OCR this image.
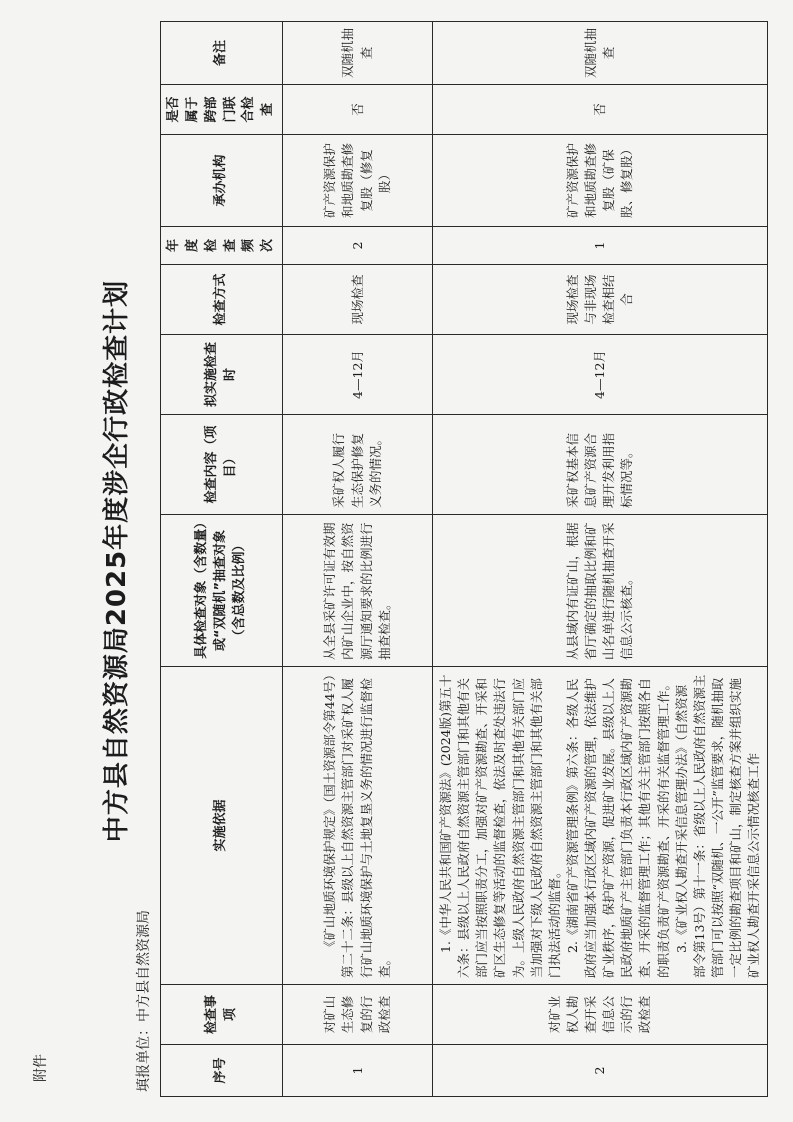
附件
中方县自然资源局2025年度涉企行政检查计划
填报单位：中方县自然资源局	序号	检查事项	实施依据	具体检查对象（含数量）或“双随机”抽查对象（含总数及比例）	检查内容（项目）	拟实施检查时	检查方式	年度检查频次	承办机构	是否属于跨部门联合检查	备注
1	对矿山生态修复的行政检查	《矿山地质环境保护规定》（国土资源部令第44号）第二十二条：县级以上自然资源主管部门对采矿权人履行矿山地质环境保护与土地复垦义务的情况进行监督检查。	从全县采矿许可证有效期内矿山企业中，按自然资源厅通知要求的比例进行抽查检查。	采矿权人履行生态保护修复义务的情况。	4—12月	现场检查	2	矿产资源保护和地质勘查修复股（修复股）	否	双随机抽查
2	对矿业权人勘查开采信息公示的行政检查	1.《中华人民共和国矿产资源法》(2024版)第五十六条：县级以上人民政府自然资源主管部门和其他有关部门应当按照职责分工，加强对矿产资源勘查、开采和矿区生态修复等活动的监督检查，依法及时查处违法行为。上级人民政府自然资源主管部门和其他有关部门应当加强对下级人民政府自然资源主管部门和其他有关部门执法活动的监督。 2.《湖南省矿产资源管理条例》第六条：各级人民政府应当加强本行政区域内矿产资源的管理，依法维护矿业秩序，保护矿产资源，促进矿业发展。县级以上人民政府地质矿产主管部门负责本行政区域内矿产资源勘查、开采的监督管理工作；其他有关主管部门按照各自的职责负责矿产资源勘查、开采的有关监督管理工作。 3.《矿业权人勘查开采信息管理办法》（自然资源部令第13号）第十一条：省级以上人民政府自然资源主管部门可以按照“双随机、一公开”监管要求，随机抽取一定比例的勘查项目和矿山，制定核查方案并组织实施矿业权人勘查开采信息公示情况核查工作	从县域内有证矿山，根据省厅确定的抽取比例和矿山名单进行随机抽查开采信息公示核查。	采矿权基本信息矿产资源合理开发利用指标情况等。	4—12月	现场检查与非现场检查相结合	1	矿产资源保护和地质勘查修复股（矿保股、修复股）	否	双随机抽查
